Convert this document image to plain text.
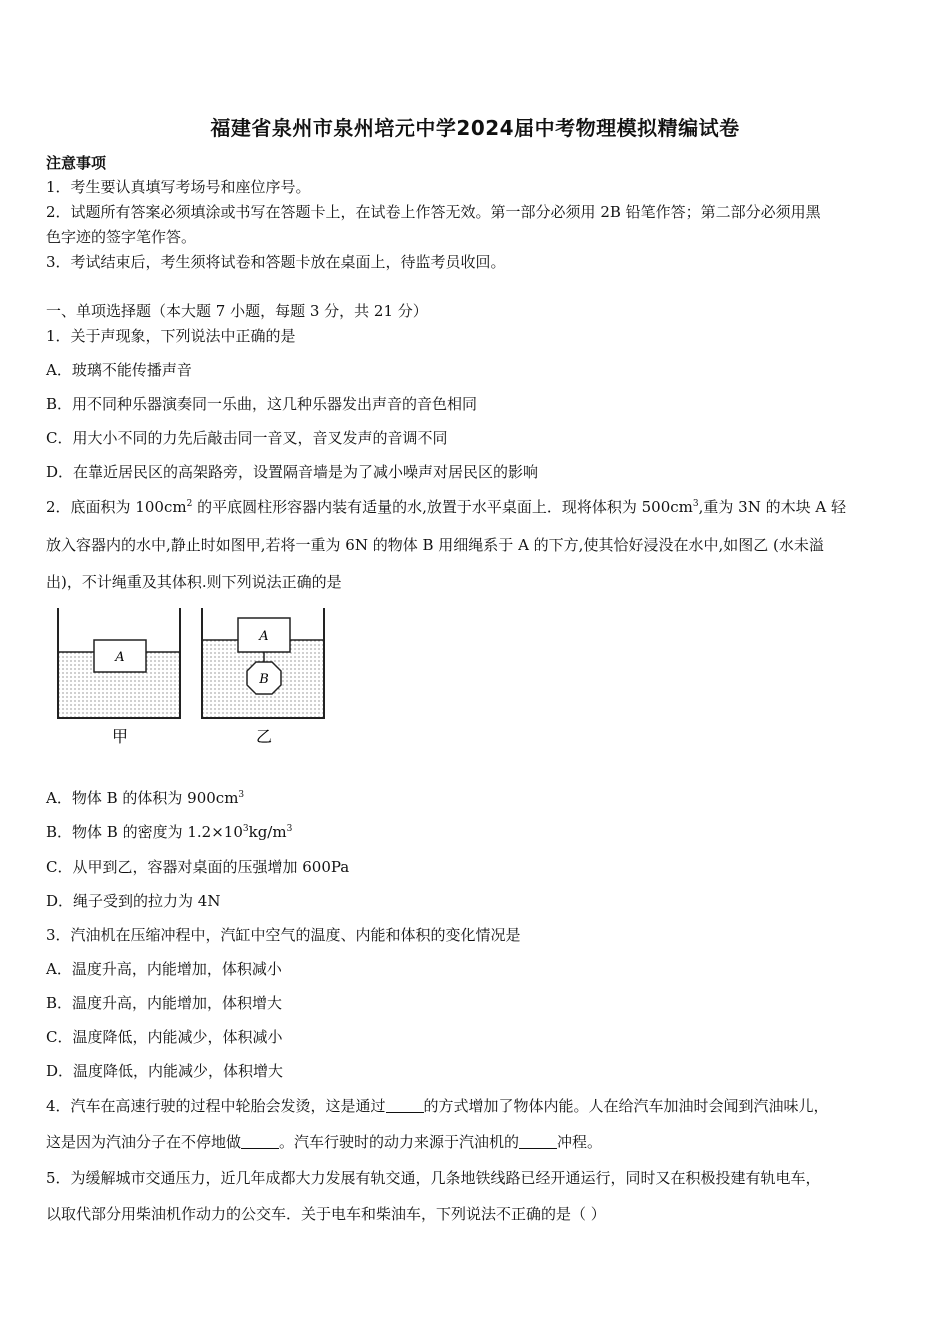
福建省泉州市泉州培元中学2024届中考物理模拟精编试卷
注意事项
1．考生要认真填写考场号和座位序号。
2．试题所有答案必须填涂或书写在答题卡上，在试卷上作答无效。第一部分必须用 2B 铅笔作答；第二部分必须用黑
色字迹的签字笔作答。
3．考试结束后，考生须将试卷和答题卡放在桌面上，待监考员收回。
一、单项选择题（本大题 7 小题，每题 3 分，共 21 分）
1．关于声现象，下列说法中正确的是
A．玻璃不能传播声音
B．用不同种乐器演奏同一乐曲，这几种乐器发出声音的音色相同
C．用大小不同的力先后敲击同一音叉，音叉发声的音调不同
D．在靠近居民区的高架路旁，设置隔音墙是为了减小噪声对居民区的影响
2．底面积为 $100cm^2$ 的平底圆柱形容器内装有适量的水,放置于水平桌面上．现将体积为 $500cm^3$,重为 3N 的木块 A 轻
放入容器内的水中,静止时如图甲,若将一重为 6N 的物体 B 用细绳系于 A 的下方,使其恰好浸没在水中,如图乙 (水未溢
出)，不计绳重及其体积.则下列说法正确的是
A
A
B
甲	乙
A．物体 B 的体积为 $900cm^3$
B．物体 B 的密度为 $1.2\times 10^3kg/m^3$
C．从甲到乙，容器对桌面的压强增加 600Pa
D．绳子受到的拉力为 4N
3．汽油机在压缩冲程中，汽缸中空气的温度、内能和体积的变化情况是
A．温度升高，内能增加，体积减小
B．温度升高，内能增加，体积增大
C．温度降低，内能减少，体积减小
D．温度降低，内能减少，体积增大
4．汽车在高速行驶的过程中轮胎会发烫，这是通过	的方式增加了物体内能。人在给汽车加油时会闻到汽油味儿，
这是因为汽油分子在不停地做	。汽车行驶时的动力来源于汽油机的	冲程。
5．为缓解城市交通压力，近几年成都大力发展有轨交通，几条地铁线路已经开通运行，同时又在积极投建有轨电车，
以取代部分用柴油机作动力的公交车．关于电车和柴油车，下列说法不正确的是（ ）
